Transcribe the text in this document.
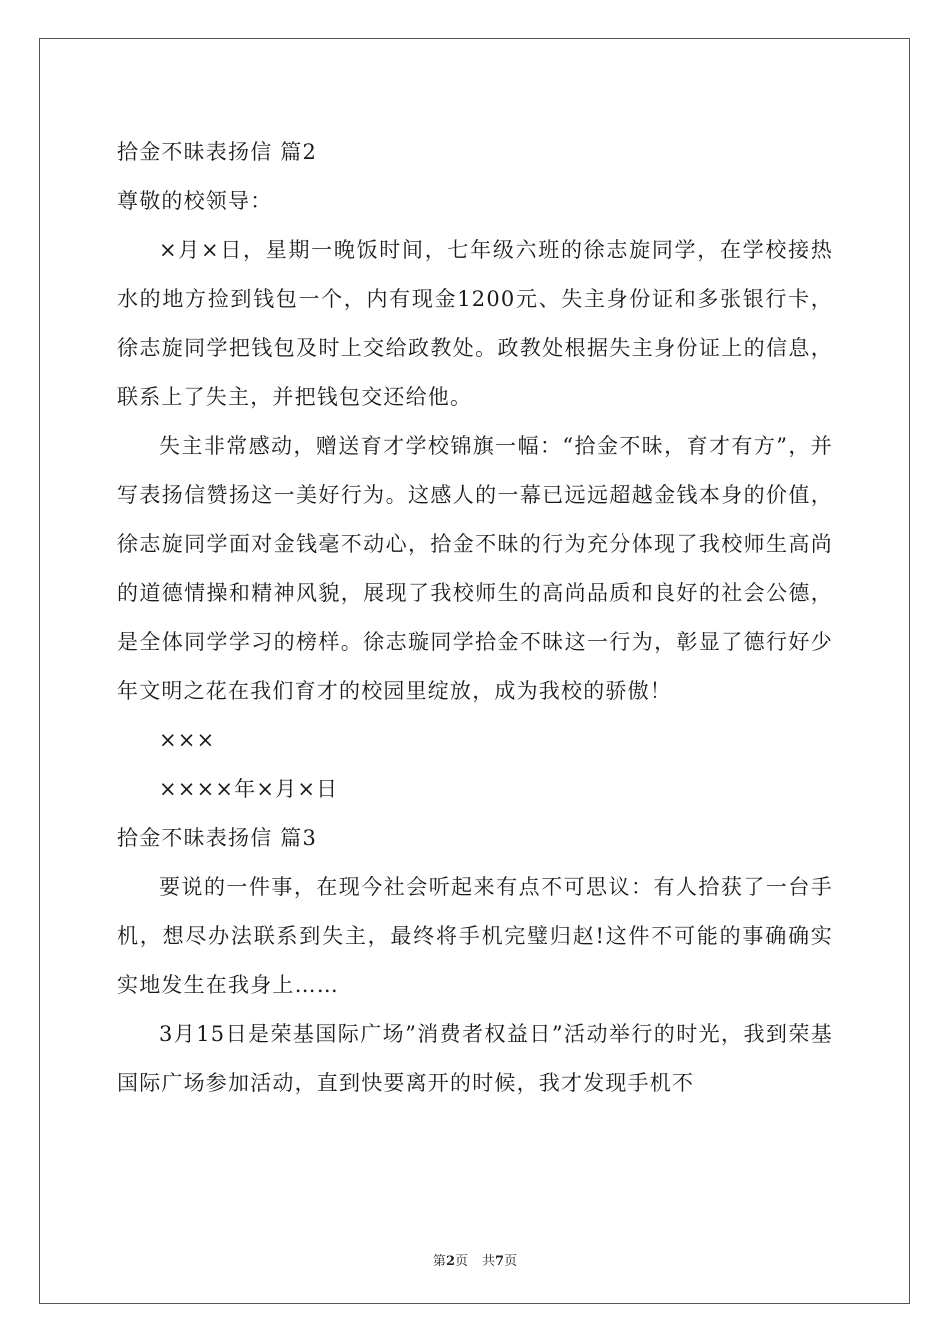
拾金不昧表扬信 篇2
尊敬的校领导：
×月×日，星期一晚饭时间，七年级六班的徐志旋同学，在学校接热水的地方捡到钱包一个，内有现金1200元、失主身份证和多张银行卡，徐志旋同学把钱包及时上交给政教处。政教处根据失主身份证上的信息，联系上了失主，并把钱包交还给他。
失主非常感动，赠送育才学校锦旗一幅：“拾金不昧，育才有方”，并写表扬信赞扬这一美好行为。这感人的一幕已远远超越金钱本身的价值，徐志旋同学面对金钱毫不动心，拾金不昧的行为充分体现了我校师生高尚的道德情操和精神风貌，展现了我校师生的高尚品质和良好的社会公德，是全体同学学习的榜样。徐志璇同学拾金不昧这一行为，彰显了德行好少年文明之花在我们育才的校园里绽放，成为我校的骄傲！
×××
××××年×月×日
拾金不昧表扬信 篇3
要说的一件事，在现今社会听起来有点不可思议：有人拾获了一台手机，想尽办法联系到失主，最终将手机完璧归赵!这件不可能的事确确实实地发生在我身上……
3月15日是荣基国际广场”消费者权益日”活动举行的时光，我到荣基国际广场参加活动，直到快要离开的时候，我才发现手机不
第2页 共7页
